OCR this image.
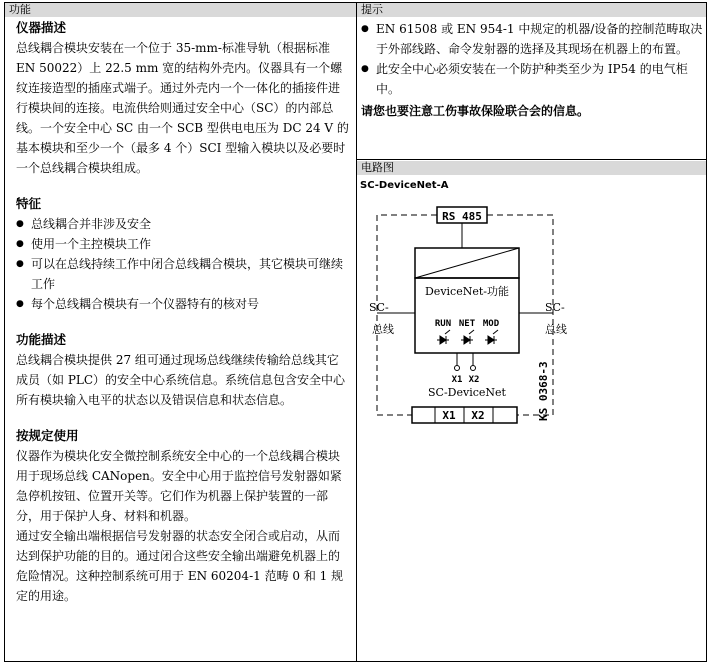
功能	提示
仪器描述

总线耦合模块安装在一个位于 35-mm-标准导轨（根据标准 EN 50022）上 22.5 mm 宽的结构外壳内。仪器具有一个螺纹连接造型的插座式端子。通过外壳内一个一体化的插接件进行模块间的连接。电流供给则通过安全中心（SC）的内部总线。一个安全中心 SC 由一个 SCB 型供电电压为 DC 24 V 的基本模块和至少一个（最多 4 个）SCI 型输入模块以及必要时一个总线耦合模块组成。

特征
● 总线耦合并非涉及安全
● 使用一个主控模块工作
● 可以在总线持续工作中闭合总线耦合模块，其它模块可继续工作
● 每个总线耦合模块有一个仪器特有的核对号
功能描述

总线耦合模块提供 27 组可通过现场总线继续传输给总线其它成员（如 PLC）的安全中心系统信息。系统信息包含安全中心所有模块输入电平的状态以及错误信息和状态信息。

按规定使用

仪器作为模块化安全微控制系统安全中心的一个总线耦合模块用于现场总线 CANopen。安全中心用于监控信号发射器如紧急停机按钮、位置开关等。它们作为机器上保护装置的一部分，用于保护人身、材料和机器。

通过安全输出端根据信号发射器的状态安全闭合或启动，从而达到保护功能的目的。通过闭合这些安全输出端避免机器上的危险情况。这种控制系统可用于 EN 60204-1 范畴 0 和 1 规定的用途。

● EN 61508 或 EN 954-1 中规定的机器/设备的控制范畴取决于外部线路、命令发射器的选择及其现场在机器上的布置。
● 此安全中心必须安装在一个防护种类至少为 IP54 的电气柜中。
请您也要注意工伤事故保险联合会的信息。
电路图
SC-DeviceNet-A
RS 485
DeviceNet-功能
RUN NET MOD
X1 X2
SC-DeviceNet
SC-
总线
SC-
总线
X1 X2	KS 0368-3
